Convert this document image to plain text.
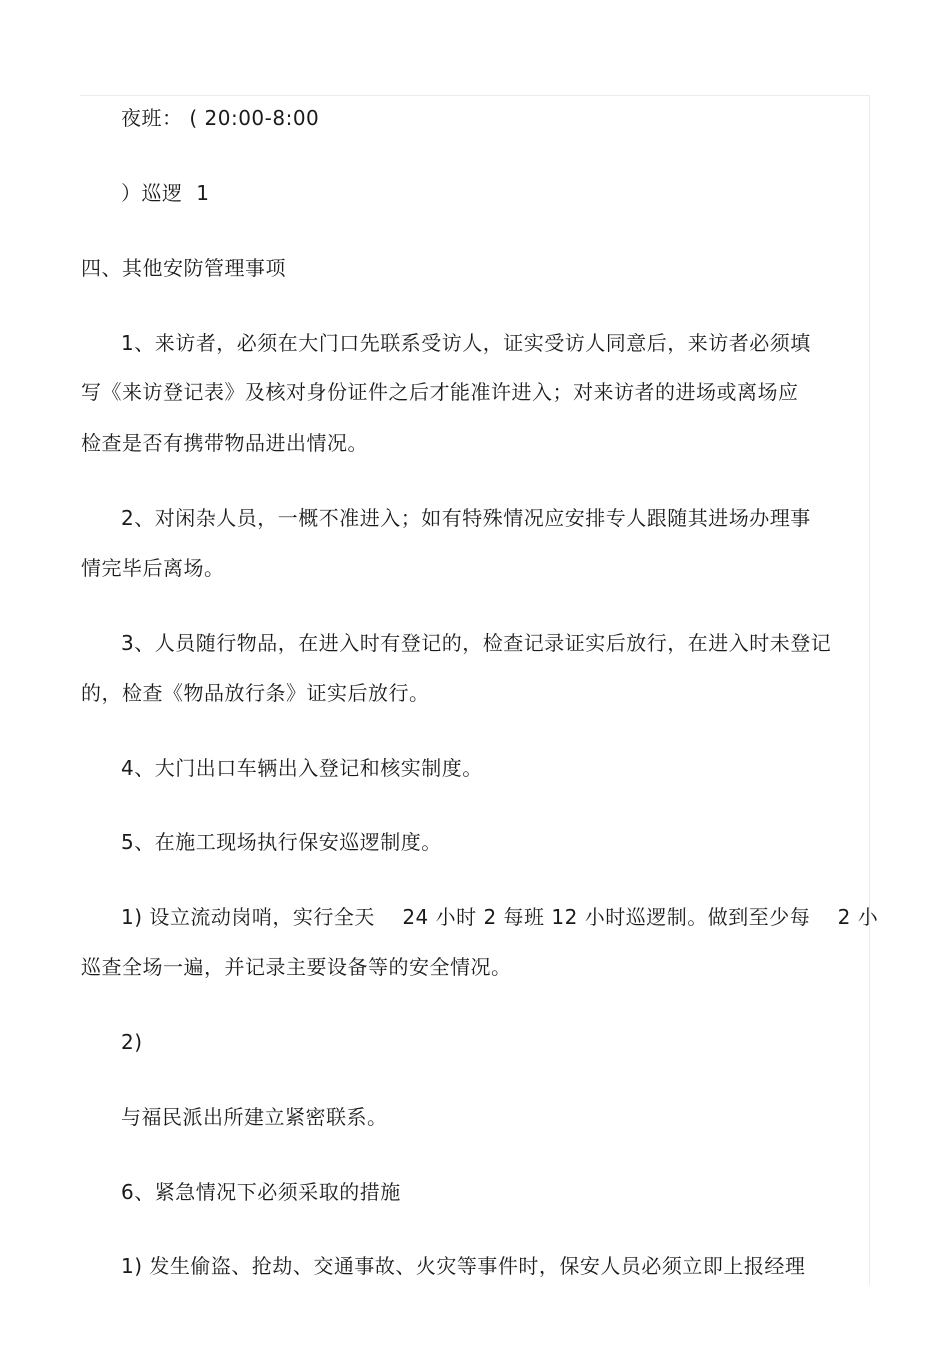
夜班： ( 20:00-8:00
）巡逻  1
四、其他安防管理事项
1、来访者，必须在大门口先联系受访人，证实受访人同意后，来访者必须填
写《来访登记表》及核对身份证件之后才能准许进入；对来访者的进场或离场应
检查是否有携带物品进出情况。
2、对闲杂人员，一概不准进入；如有特殊情况应安排专人跟随其进场办理事
情完毕后离场。
3、人员随行物品，在进入时有登记的，检查记录证实后放行，在进入时未登记
的，检查《物品放行条》证实后放行。
4、大门出口车辆出入登记和核实制度。
5、在施工现场执行保安巡逻制度。
1) 设立流动岗哨，实行全天    24 小时 2 每班 12 小时巡逻制。做到至少每    2 小
巡查全场一遍，并记录主要设备等的安全情况。
2)
与福民派出所建立紧密联系。
6、紧急情况下必须采取的措施
1) 发生偷盗、抢劫、交通事故、火灾等事件时，保安人员必须立即上报经理
